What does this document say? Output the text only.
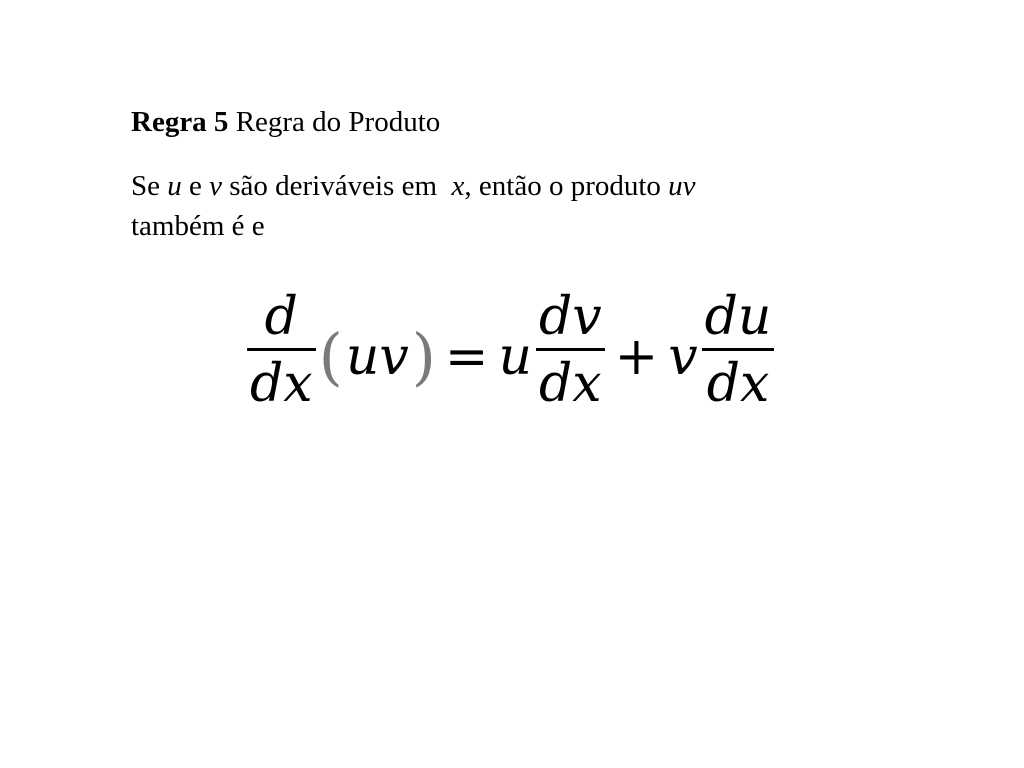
Regra 5 Regra do Produto
Se u e v são deriváveis em  x, então o produto uv
também é e
$\frac{d}{dx}$ ( uv ) = u $\frac{dv}{dx} + v \frac{du}{dx}$
